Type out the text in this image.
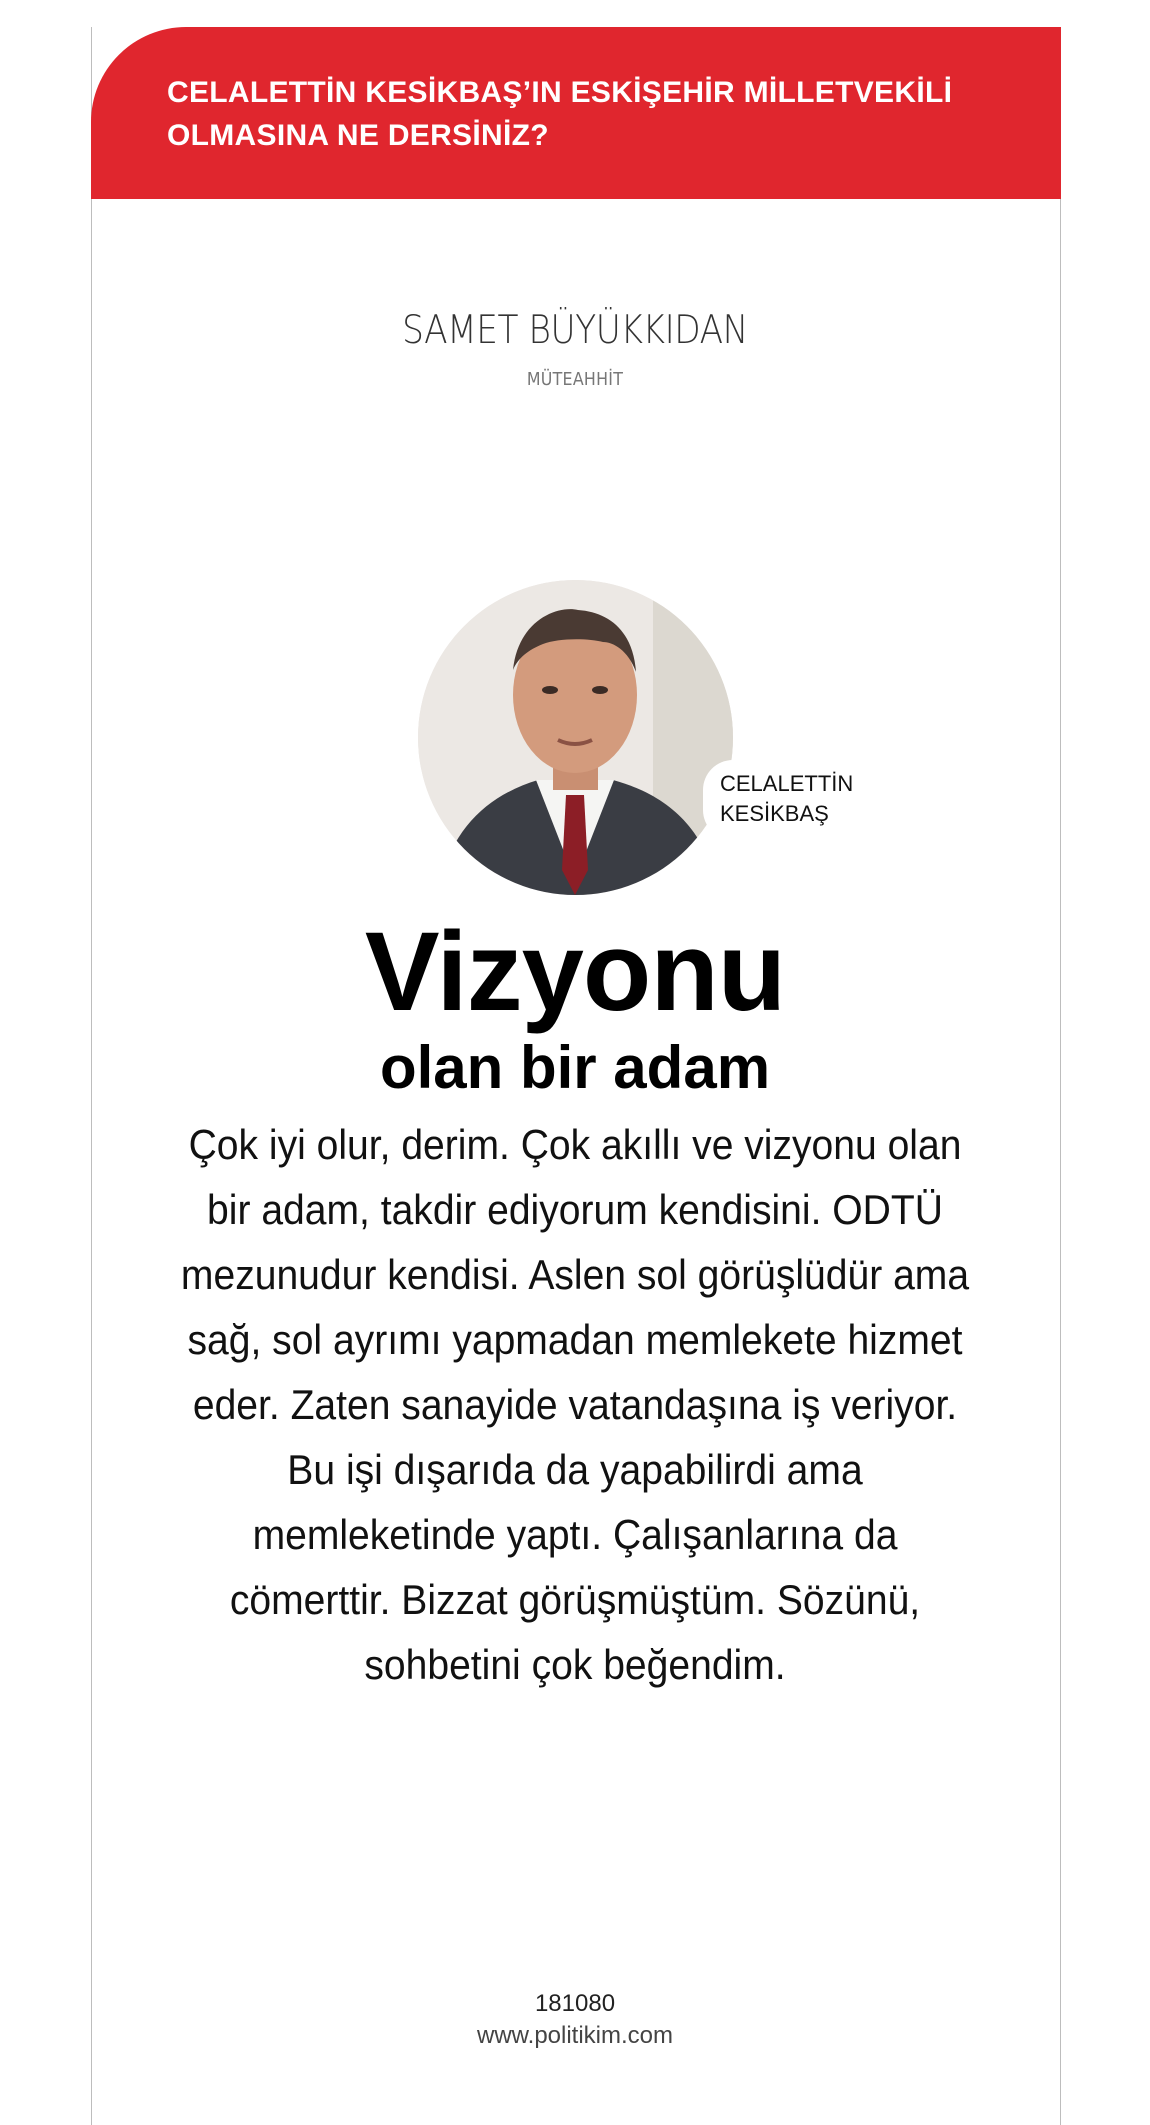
CELALETTİN KESİKBAŞ’IN ESKİŞEHİR MİLLETVEKİLİ OLMASINA NE DERSİNİZ?
SAMET BÜYÜKKIDAN
MÜTEAHHİT
CELALETTİN
KESİKBAŞ
Vizyonu
olan bir adam
Çok iyi olur, derim. Çok akıllı ve vizyonu olan bir adam, takdir ediyorum kendisini. ODTÜ mezunudur kendisi. Aslen sol görüşlüdür ama sağ, sol ayrımı yapmadan memlekete hizmet eder. Zaten sanayide vatandaşına iş veriyor. Bu işi dışarıda da yapabilirdi ama memleketinde yaptı. Çalışanlarına da cömerttir. Bizzat görüşmüştüm. Sözünü, sohbetini çok beğendim.
181080
www.politikim.com
